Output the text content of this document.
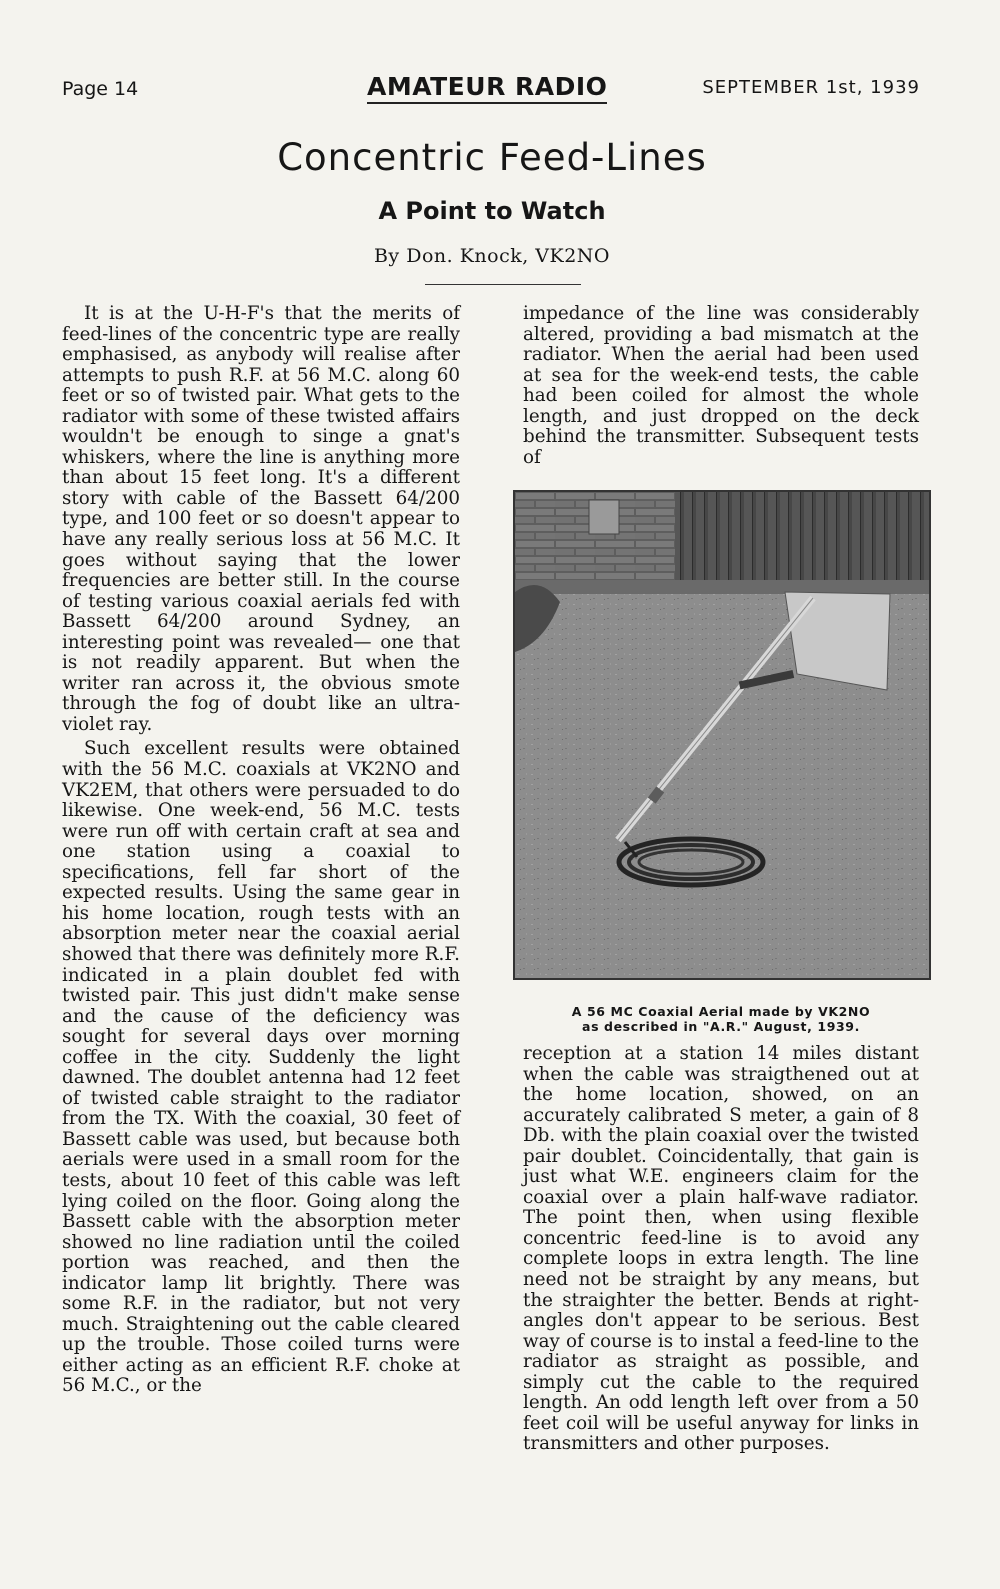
Page 14	AMATEUR RADIO	SEPTEMBER 1st, 1939
Concentric Feed-Lines
A Point to Watch
By Don. Knock, VK2NO

It is at the U-H-F's that the merits of feed-lines of the concentric type are really emphasised, as anybody will realise after attempts to push R.F. at 56 M.C. along 60 feet or so of twisted pair. What gets to the radiator with some of these twisted affairs wouldn't be enough to singe a gnat's whiskers, where the line is anything more than about 15 feet long. It's a different story with cable of the Bassett 64/200 type, and 100 feet or so doesn't appear to have any really serious loss at 56 M.C. It goes without saying that the lower frequencies are better still. In the course of testing various coaxial aerials fed with Bassett 64/200 around Sydney, an interesting point was revealed— one that is not readily apparent. But when the writer ran across it, the obvious smote through the fog of doubt like an ultra-violet ray.

Such excellent results were obtained with the 56 M.C. coaxials at VK2NO and VK2EM, that others were persuaded to do likewise. One week-end, 56 M.C. tests were run off with certain craft at sea and one station using a coaxial to specifications, fell far short of the expected results. Using the same gear in his home location, rough tests with an absorption meter near the coaxial aerial showed that there was definitely more R.F. indicated in a plain doublet fed with twisted pair. This just didn't make sense and the cause of the deficiency was sought for several days over morning coffee in the city. Suddenly the light dawned. The doublet antenna had 12 feet of twisted cable straight to the radiator from the TX. With the coaxial, 30 feet of Bassett cable was used, but because both aerials were used in a small room for the tests, about 10 feet of this cable was left lying coiled on the floor. Going along the Bassett cable with the absorption meter showed no line radiation until the coiled portion was reached, and then the indicator lamp lit brightly. There was some R.F. in the radiator, but not very much. Straightening out the cable cleared up the trouble. Those coiled turns were either acting as an efficient R.F. choke at 56 M.C., or the

impedance of the line was considerably altered, providing a bad mismatch at the radiator. When the aerial had been used at sea for the week-end tests, the cable had been coiled for almost the whole length, and just dropped on the deck behind the transmitter. Subsequent tests of

A 56 MC Coaxial Aerial made by VK2NO
as described in "A.R." August, 1939.

reception at a station 14 miles distant when the cable was straigthened out at the home location, showed, on an accurately calibrated S meter, a gain of 8 Db. with the plain coaxial over the twisted pair doublet. Coincidentally, that gain is just what W.E. engineers claim for the coaxial over a plain half-wave radiator. The point then, when using flexible concentric feed-line is to avoid any complete loops in extra length. The line need not be straight by any means, but the straighter the better. Bends at right-angles don't appear to be serious. Best way of course is to instal a feed-line to the radiator as straight as possible, and simply cut the cable to the required length. An odd length left over from a 50 feet coil will be useful anyway for links in transmitters and other purposes.
